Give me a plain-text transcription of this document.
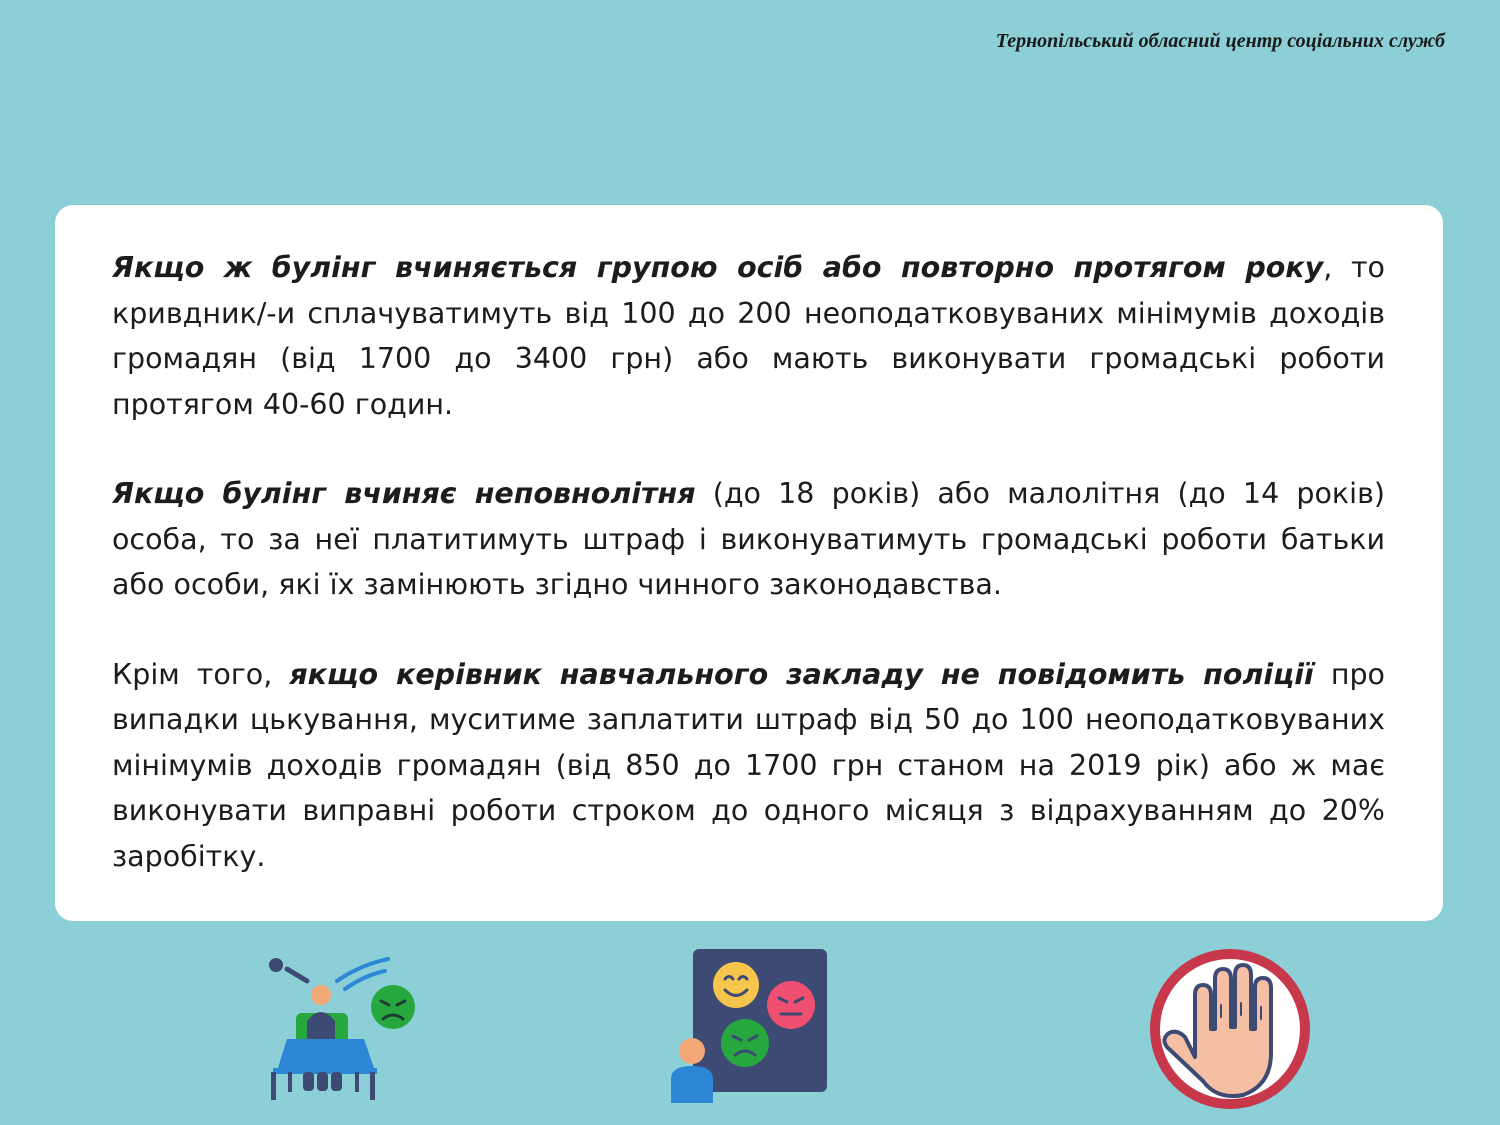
Тернопільський обласний центр соціальних служб

Якщо ж булінг вчиняється групою осіб або повторно протягом року, то кривдник/-и сплачуватимуть від 100 до 200 неоподатковуваних мінімумів доходів громадян (від 1700 до 3400 грн) або мають виконувати громадські роботи протягом 40-60 годин.

Якщо булінг вчиняє неповнолітня (до 18 років) або малолітня (до 14 років) особа, то за неї платитимуть штраф і виконуватимуть громадські роботи батьки або особи, які їх замінюють згідно чинного законодавства.

Крім того, якщо керівник навчального закладу не повідомить поліції про випадки цькування, муситиме заплатити штраф від 50 до 100 неоподатковуваних мінімумів доходів громадян (від 850 до 1700 грн станом на 2019 рік) або ж має виконувати виправні роботи строком до одного місяця з відрахуванням до 20% заробітку.
